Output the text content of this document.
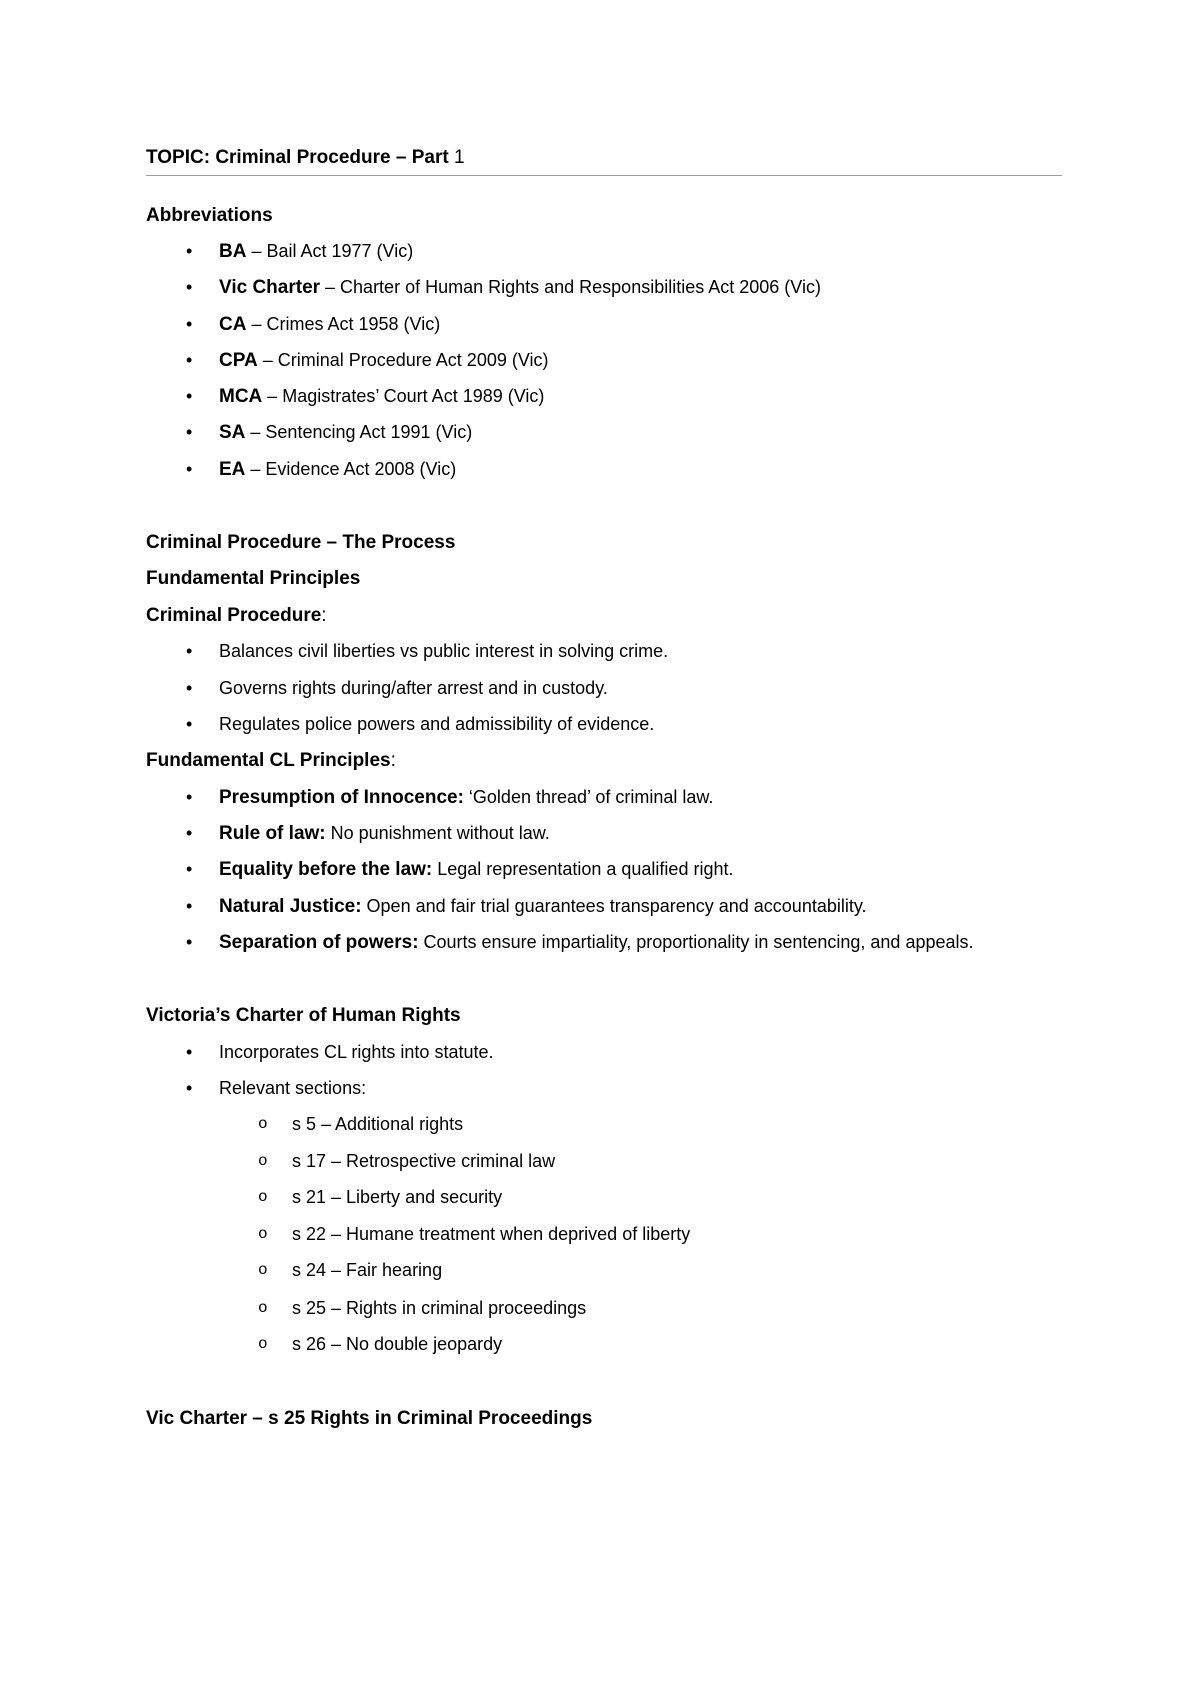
TOPIC: Criminal Procedure – Part 1
Abbreviations
•	BA – Bail Act 1977 (Vic)
•	Vic Charter – Charter of Human Rights and Responsibilities Act 2006 (Vic)
•	CA – Crimes Act 1958 (Vic)
•	CPA – Criminal Procedure Act 2009 (Vic)
•	MCA – Magistrates’ Court Act 1989 (Vic)
•	SA – Sentencing Act 1991 (Vic)
•	EA – Evidence Act 2008 (Vic)
Criminal Procedure – The Process
Fundamental Principles
Criminal Procedure:
•	Balances civil liberties vs public interest in solving crime.
•	Governs rights during/after arrest and in custody.
•	Regulates police powers and admissibility of evidence.
Fundamental CL Principles:
•	Presumption of Innocence: ‘Golden thread’ of criminal law.
•	Rule of law: No punishment without law.
•	Equality before the law: Legal representation a qualified right.
•	Natural Justice: Open and fair trial guarantees transparency and accountability.
•	Separation of powers: Courts ensure impartiality, proportionality in sentencing, and appeals.
Victoria’s Charter of Human Rights
•	Incorporates CL rights into statute.
•	Relevant sections:
o s 5 – Additional rights
o s 17 – Retrospective criminal law
o s 21 – Liberty and security
o s 22 – Humane treatment when deprived of liberty
o s 24 – Fair hearing
o s 25 – Rights in criminal proceedings
o s 26 – No double jeopardy
Vic Charter – s 25 Rights in Criminal Proceedings
